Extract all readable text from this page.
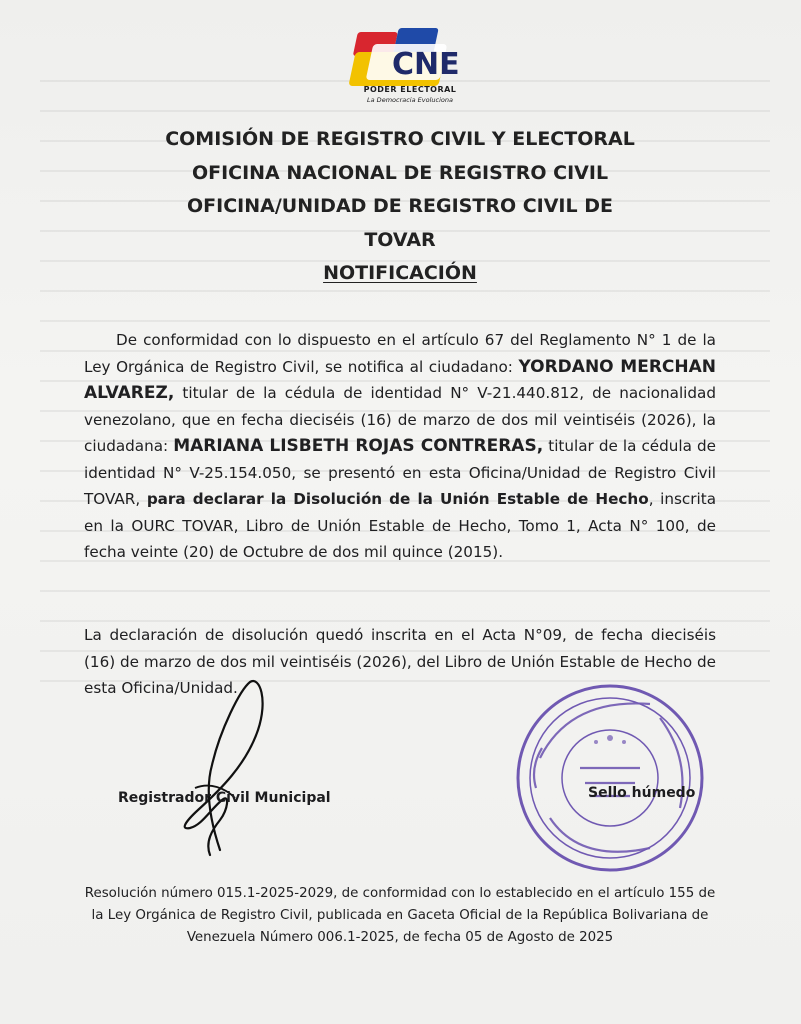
CNE
PODER ELECTORAL
La Democracia Evoluciona
COMISIÓN DE REGISTRO CIVIL Y ELECTORAL
OFICINA NACIONAL DE REGISTRO CIVIL
OFICINA/UNIDAD DE REGISTRO CIVIL DE
TOVAR
NOTIFICACIÓN

De conformidad con lo dispuesto en el artículo 67 del Reglamento N° 1 de la Ley Orgánica de Registro Civil, se notifica al ciudadano: YORDANO MERCHAN ALVAREZ, titular de la cédula de identidad N° V-21.440.812, de nacionalidad venezolano, que en fecha dieciséis (16) de marzo de dos mil veintiséis (2026), la ciudadana: MARIANA LISBETH ROJAS CONTRERAS, titular de la cédula de identidad N° V-25.154.050, se presentó en esta Oficina/Unidad de Registro Civil TOVAR, para declarar la Disolución de la Unión Estable de Hecho, inscrita en la OURC TOVAR, Libro de Unión Estable de Hecho, Tomo 1, Acta N° 100, de fecha veinte (20) de Octubre de dos mil quince (2015).

La declaración de disolución quedó inscrita en el Acta N°09, de fecha dieciséis (16) de marzo de dos mil veintiséis (2026), del Libro de Unión Estable de Hecho de esta Oficina/Unidad.

Registrador Civil Municipal	Sello húmedo

Resolución número 015.1-2025-2029, de conformidad con lo establecido en el artículo 155 de la Ley Orgánica de Registro Civil, publicada en Gaceta Oficial de la República Bolivariana de Venezuela Número 006.1-2025, de fecha 05 de Agosto de 2025
